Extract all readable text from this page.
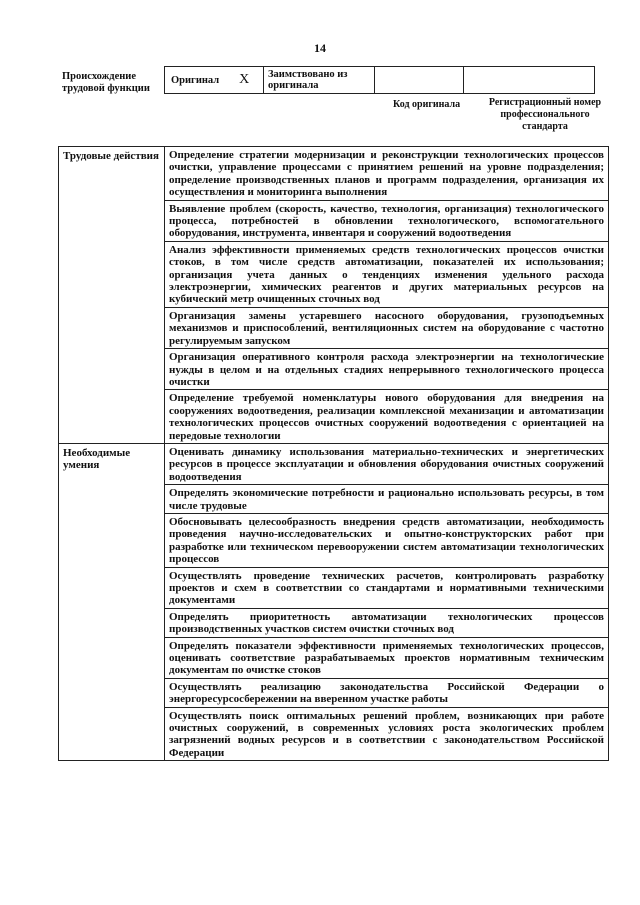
14
Происхождение трудовой функции
Оригинал X	Заимствовано из оригинала		
Код оригинала	Регистрационный номер профессионального стандарта
Трудовые действия	Определение стратегии модернизации и реконструкции технологических процессов очистки, управление процессами с принятием решений на уровне подразделения; определение производственных планов и программ подразделения, организация их осуществления и мониторинга выполнения
	Выявление проблем (скорость, качество, технология, организация) технологического процесса, потребностей в обновлении технологического, вспомогательного оборудования, инструмента, инвентаря и сооружений водоотведения
	Анализ эффективности применяемых средств технологических процессов очистки стоков, в том числе средств автоматизации, показателей их использования; организация учета данных о тенденциях изменения удельного расхода электроэнергии, химических реагентов и других материальных ресурсов на кубический метр очищенных сточных вод
	Организация замены устаревшего насосного оборудования, грузоподъемных механизмов и приспособлений, вентиляционных систем на оборудование с частотно регулируемым запуском
	Организация оперативного контроля расхода электроэнергии на технологические нужды в целом и на отдельных стадиях непрерывного технологического процесса очистки
	Определение требуемой номенклатуры нового оборудования для внедрения на сооружениях водоотведения, реализации комплексной механизации и автоматизации технологических процессов очистных сооружений водоотведения с ориентацией на передовые технологии
Необходимые умения	Оценивать динамику использования материально-технических и энергетических ресурсов в процессе эксплуатации и обновления оборудования очистных сооружений водоотведения
	Определять экономические потребности и рационально использовать ресурсы, в том числе трудовые
	Обосновывать целесообразность внедрения средств автоматизации, необходимость проведения научно-исследовательских и опытно-конструкторских работ при разработке или техническом перевооружении систем автоматизации технологических процессов
	Осуществлять проведение технических расчетов, контролировать разработку проектов и схем в соответствии со стандартами и нормативными техническими документами
	Определять приоритетность автоматизации технологических процессов производственных участков систем очистки сточных вод
	Определять показатели эффективности применяемых технологических процессов, оценивать соответствие разрабатываемых проектов нормативным техническим документам по очистке стоков
	Осуществлять реализацию законодательства Российской Федерации о энергоресурсосбережении на вверенном участке работы
	Осуществлять поиск оптимальных решений проблем, возникающих при работе очистных сооружений, в современных условиях роста экологических проблем загрязнений водных ресурсов и в соответствии с законодательством Российской Федерации
